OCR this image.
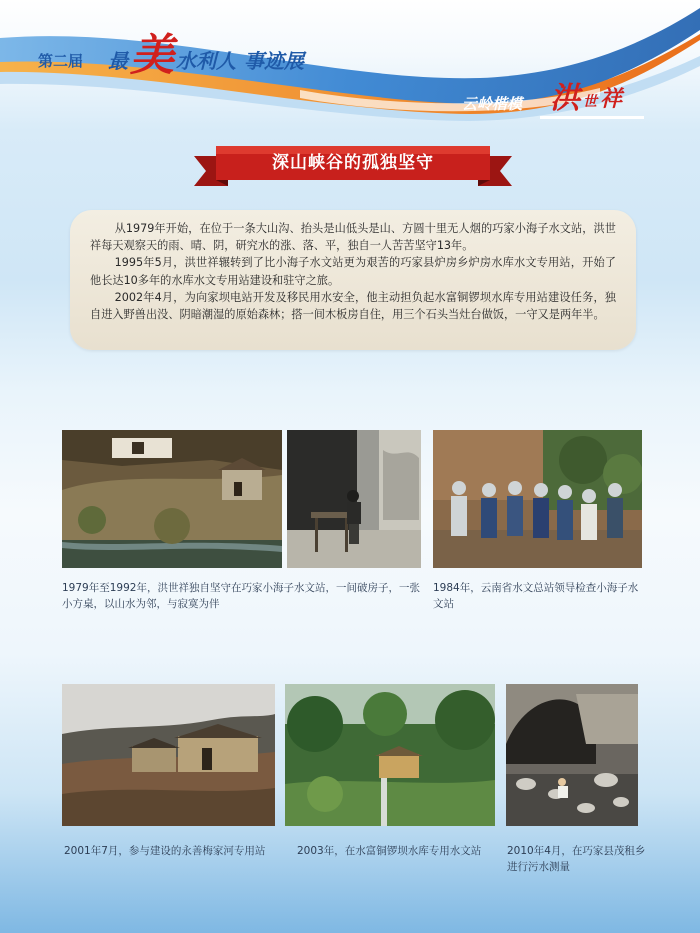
第二届 最 美 水利人 事迹展
云岭楷模 洪 世 祥
深山峡谷的孤独坚守

从1979年开始，在位于一条大山沟、抬头是山低头是山、方圆十里无人烟的巧家小海子水文站，洪世祥每天观察天的雨、晴、阴，研究水的涨、落、平，独自一人苦苦坚守13年。

1995年5月，洪世祥辗转到了比小海子水文站更为艰苦的巧家县炉房乡炉房水库水文专用站，开始了他长达10多年的水库水文专用站建设和驻守之旅。

2002年4月，为向家坝电站开发及移民用水安全，他主动担负起水富铜锣坝水库专用站建设任务，独自进入野兽出没、阴暗潮湿的原始森林；搭一间木板房自住，用三个石头当灶台做饭，一守又是两年半。

1979年至1992年，洪世祥独自坚守在巧家小海子水文站，一间破房子，一张小方桌，以山水为邻，与寂寞为伴
1984年，云南省水文总站领导检查小海子水文站
2001年7月，参与建设的永善梅家河专用站	2003年，在水富铜锣坝水库专用水文站	2010年4月，在巧家县茂租乡进行污水测量
